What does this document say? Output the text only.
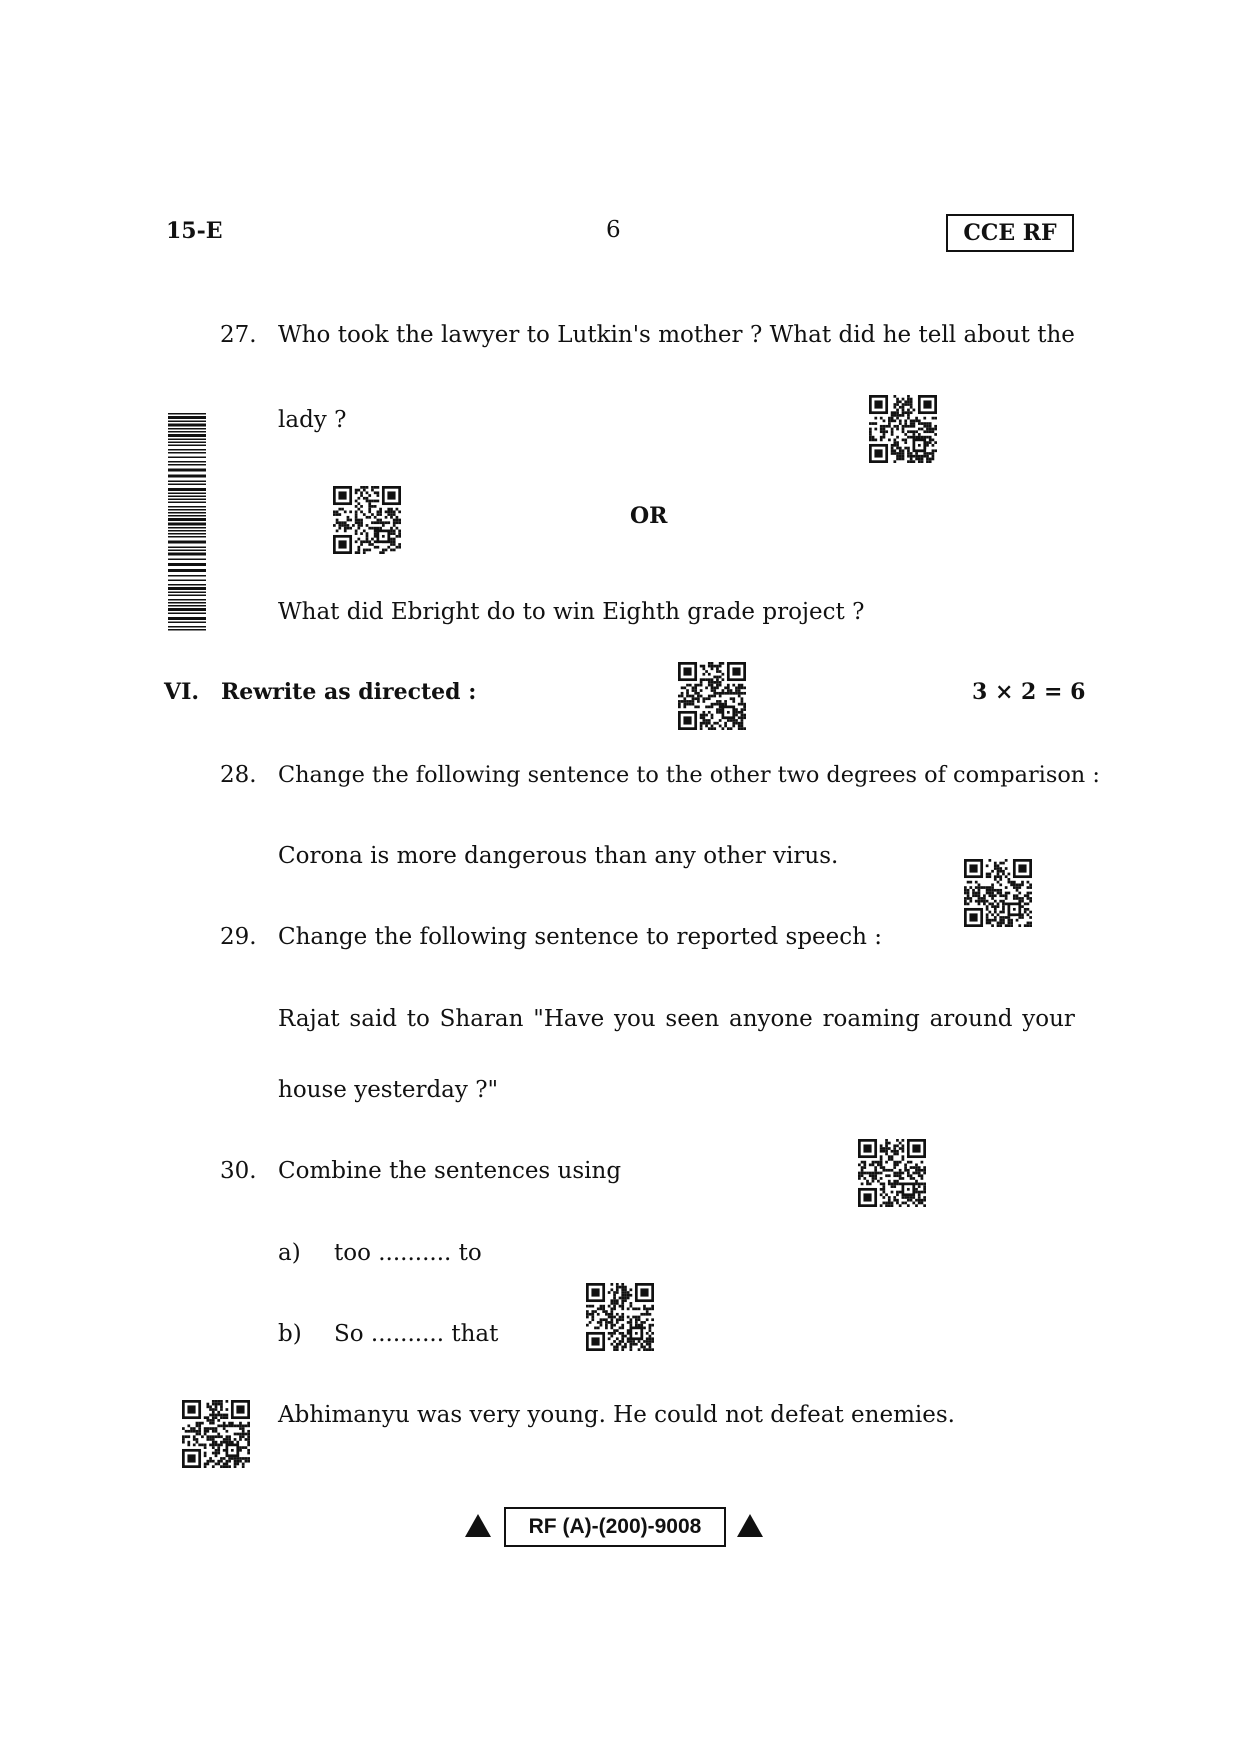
15-E	6	CCE RF
27. Who took the lawyer to Lutkin's mother ? What did he tell about the
lady ?
OR
What did Ebright do to win Eighth grade project ?
VI. Rewrite as directed :	3 × 2 = 6
28. Change the following sentence to the other two degrees of comparison :
Corona is more dangerous than any other virus.
29. Change the following sentence to reported speech :
Rajat said to Sharan "Have you seen anyone roaming around your
house yesterday ?"
30. Combine the sentences using
a) too .......... to
b) So .......... that
Abhimanyu was very young. He could not defeat enemies.
RF (A)-(200)-9008
